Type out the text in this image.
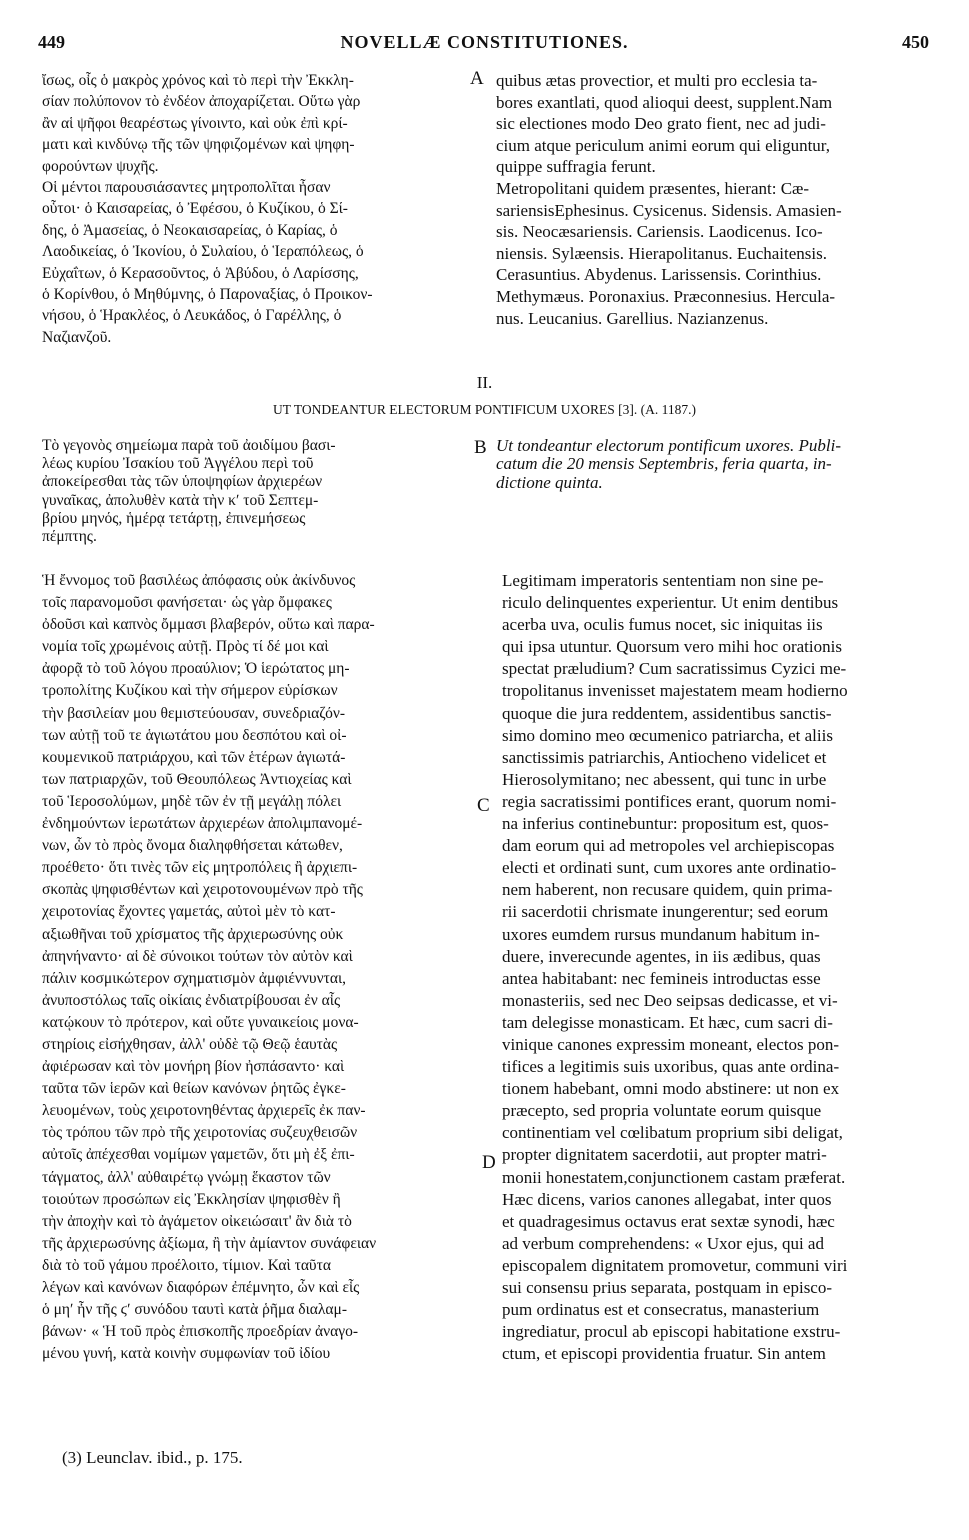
449	NOVELLÆ CONSTITUTIONES.	450
ἴσως, οἷς ὁ μακρὸς χρόνος καὶ τὸ περὶ τὴν Ἐκκλη-
σίαν πολύπονον τὸ ἐνδέον ἀποχαρίζεται. Οὕτω γὰρ
ἂν αἱ ψῆφοι θεαρέστως γίνοιντο, καὶ οὐκ ἐπὶ κρί-
ματι καὶ κινδύνῳ τῆς τῶν ψηφιζομένων καὶ ψηφη-
φορούντων ψυχῆς.
Οἱ μέντοι παρουσιάσαντες μητροπολῖται ἦσαν
οὗτοι· ὁ Καισαρείας, ὁ Ἐφέσου, ὁ Κυζίκου, ὁ Σί-
δης, ὁ Ἀμασείας, ὁ Νεοκαισαρείας, ὁ Καρίας, ὁ
Λαοδικείας, ὁ Ἰκονίου, ὁ Συλαίου, ὁ Ἱεραπόλεως, ὁ
Εὐχαΐτων, ὁ Κερασοῦντος, ὁ Ἀβύδου, ὁ Λαρίσσης,
ὁ Κορίνθου, ὁ Μηθύμνης, ὁ Παροναξίας, ὁ Προικον-
νήσου, ὁ Ἡρακλέος, ὁ Λευκάδος, ὁ Γαρέλλης, ὁ
Ναζιανζοῦ.
A quibus ætas provectior, et multi pro ecclesia ta-
bores exantlati, quod alioqui deest, supplent.Nam
sic electiones modo Deo grato fient, nec ad judi-
cium atque periculum animi eorum qui eliguntur,
quippe suffragia ferunt.
Metropolitani quidem præsentes, hierant: Cæ-
sariensisEphesinus. Cysicenus. Sidensis. Amasien-
sis. Neocæsariensis. Cariensis. Laodicenus. Ico-
niensis. Sylæensis. Hierapolitanus. Euchaitensis.
Cerasuntius. Abydenus. Larissensis. Corinthius.
Methymæus. Poronaxius. Præconnesius. Hercula-
nus. Leucanius. Garellius. Nazianzenus.
II.
UT TONDEANTUR ELECTORUM PONTIFICUM UXORES [3]. (A. 1187.)
Τὸ γεγονὸς σημείωμα παρὰ τοῦ ἀοιδίμου βασι-
λέως κυρίου Ἰσακίου τοῦ Ἀγγέλου περὶ τοῦ
ἀποκείρεσθαι τὰς τῶν ὑποψηφίων ἀρχιερέων
γυναῖκας, ἀπολυθὲν κατὰ τὴν κʹ τοῦ Σεπτεμ-
βρίου μηνός, ἡμέρᾳ τετάρτῃ, ἐπινεμήσεως
πέμπτης.
B Ut tondeantur electorum pontificum uxores. Publi-
catum die 20 mensis Septembris, feria quarta, in-
dictione quinta.
Ἡ ἔννομος τοῦ βασιλέως ἀπόφασις οὐκ ἀκίνδυνος
τοῖς παρανομοῦσι φανήσεται· ὡς γὰρ ὄμφακες
ὀδοῦσι καὶ καπνὸς ὄμμασι βλαβερόν, οὕτω καὶ παρα-
νομία τοῖς χρωμένοις αὐτῇ. Πρὸς τί δέ μοι καὶ
ἀφορᾷ τὸ τοῦ λόγου προαύλιον; Ὁ ἱερώτατος μη-
τροπολίτης Κυζίκου καὶ τὴν σήμερον εὑρίσκων
τὴν βασιλείαν μου θεμιστεύουσαν, συνεδριαζόν-
των αὐτῇ τοῦ τε ἁγιωτάτου μου δεσπότου καὶ οἰ-
κουμενικοῦ πατριάρχου, καὶ τῶν ἑτέρων ἁγιωτά-
των πατριαρχῶν, τοῦ Θεουπόλεως Ἀντιοχείας καὶ
τοῦ Ἱεροσολύμων, μηδὲ τῶν ἐν τῇ μεγάλῃ πόλει
ἐνδημούντων ἱερωτάτων ἀρχιερέων ἀπολιμπανομέ-
νων, ὧν τὸ πρὸς ὄνομα διαληφθήσεται κάτωθεν,
προέθετο· ὅτι τινὲς τῶν εἰς μητροπόλεις ἢ ἀρχιεπι-
σκοπὰς ψηφισθέντων καὶ χειροτονουμένων πρὸ τῆς
χειροτονίας ἔχοντες γαμετάς, αὐτοὶ μὲν τὸ κατ-
αξιωθῆναι τοῦ χρίσματος τῆς ἀρχιερωσύνης οὐκ
ἀπηνήναντο· αἱ δὲ σύνοικοι τούτων τὸν αὐτὸν καὶ
πάλιν κοσμικώτερον σχηματισμὸν ἀμφιέννυνται,
ἀνυποστόλως ταῖς οἰκίαις ἐνδιατρίβουσαι ἐν αἷς
κατῴκουν τὸ πρότερον, καὶ οὔτε γυναικείοις μονα-
στηρίοις εἰσήχθησαν, ἀλλ' οὐδὲ τῷ Θεῷ ἑαυτὰς
ἀφιέρωσαν καὶ τὸν μονήρη βίον ἠσπάσαντο· καὶ
ταῦτα τῶν ἱερῶν καὶ θείων κανόνων ῥητῶς ἐγκε-
λευομένων, τοὺς χειροτονηθέντας ἀρχιερεῖς ἐκ παν-
τὸς τρόπου τῶν πρὸ τῆς χειροτονίας συζευχθεισῶν
αὐτοῖς ἀπέχεσθαι νομίμων γαμετῶν, ὅτι μὴ ἐξ ἐπι-
τάγματος, ἀλλ' αὐθαιρέτῳ γνώμῃ ἕκαστον τῶν
τοιούτων προσώπων εἰς Ἐκκλησίαν ψηφισθὲν ἢ
τὴν ἀποχὴν καὶ τὸ ἀγάμετον οἰκειώσαιτ' ἂν διὰ τὸ
τῆς ἀρχιερωσύνης ἀξίωμα, ἢ τὴν ἀμίαντον συνάφειαν
διὰ τὸ τοῦ γάμου προέλοιτο, τίμιον. Καὶ ταῦτα
λέγων καὶ κανόνων διαφόρων ἐπέμνητο, ὧν καὶ εἷς
ὁ μηʹ ἦν τῆς ϛʹ συνόδου ταυτὶ κατὰ ῥῆμα διαλαμ-
βάνων· « Ἡ τοῦ πρὸς ἐπισκοπῆς προεδρίαν ἀναγο-
μένου γυνή, κατὰ κοινὴν συμφωνίαν τοῦ ἰδίου
C
D
Legitimam imperatoris sententiam non sine pe-
riculo delinquentes experientur. Ut enim dentibus
acerba uva, oculis fumus nocet, sic iniquitas iis
qui ipsa utuntur. Quorsum vero mihi hoc orationis
spectat præludium? Cum sacratissimus Cyzici me-
tropolitanus invenisset majestatem meam hodierno
quoque die jura reddentem, assidentibus sanctis-
simo domino meo œcumenico patriarcha, et aliis
sanctissimis patriarchis, Antiocheno videlicet et
Hierosolymitano; nec abessent, qui tunc in urbe
regia sacratissimi pontifices erant, quorum nomi-
na inferius continebuntur: propositum est, quos-
dam eorum qui ad metropoles vel archiepiscopas
electi et ordinati sunt, cum uxores ante ordinatio-
nem haberent, non recusare quidem, quin prima-
rii sacerdotii chrismate inungerentur; sed eorum
uxores eumdem rursus mundanum habitum in-
duere, inverecunde agentes, in iis ædibus, quas
antea habitabant: nec femineis introductas esse
monasteriis, sed nec Deo seipsas dedicasse, et vi-
tam delegisse monasticam. Et hæc, cum sacri di-
vinique canones expressim moneant, electos pon-
tifices a legitimis suis uxoribus, quas ante ordina-
tionem habebant, omni modo abstinere: ut non ex
præcepto, sed propria voluntate eorum quisque
continentiam vel cœlibatum proprium sibi deligat,
propter dignitatem sacerdotii, aut propter matri-
monii honestatem,conjunctionem castam præferat.
Hæc dicens, varios canones allegabat, inter quos
et quadragesimus octavus erat sextæ synodi, hæc
ad verbum comprehendens: « Uxor ejus, qui ad
episcopalem dignitatem promovetur, communi viri
sui consensu prius separata, postquam in episco-
pum ordinatus est et consecratus, manasterium
ingrediatur, procul ab episcopi habitatione exstru-
ctum, et episcopi providentia fruatur. Sin antem
(3) Leunclav. ibid., p. 175.
